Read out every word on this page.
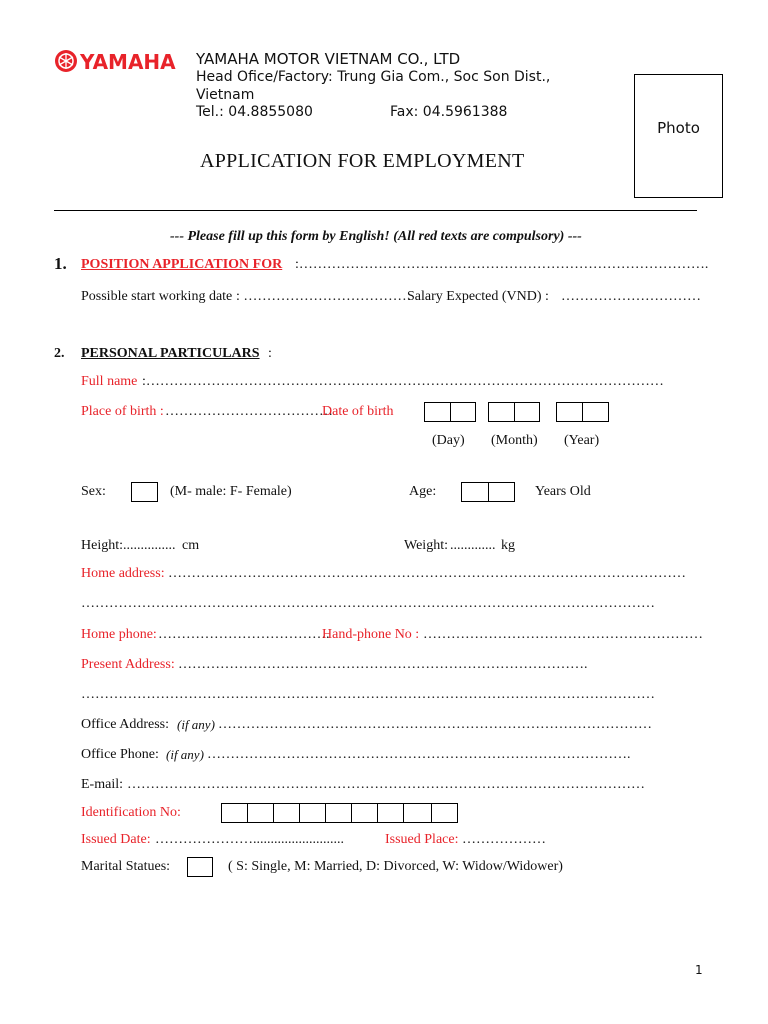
YAMAHA YAMAHA MOTOR VIETNAM CO., LTD
Head Ofice/Factory: Trung Gia Com., Soc Son Dist.,
Vietnam
Tel.: 04.8855080	Fax: 04.5961388
Photo
APPLICATION FOR EMPLOYMENT
--- Please fill up this form by English! (All red texts are compulsory) ---
1. POSITION APPLICATION FOR :…………………………………………………………………………….
Possible start working date : ………………………………
Salary Expected (VND) : …………………………
2. PERSONAL PARTICULARS :
Full name :…………………………………………………………………………………………………
Place of birth : ………………………………
Date of birth
(Day) (Month) (Year)
Sex:	(M- male: F- Female)	Age:	Years Old
Height: ............... cm	Weight: ............. kg
Home address: …………………………………………………………………………………………………
……………………………………………………………………………………………………………
Home phone: ……………………………….
Hand-phone No : ……………………………………………………
Present Address: …………………………………………………………………………….
……………………………………………………………………………………………………………
Office Address: (if any) …………………………………………………………………………………
Office Phone: (if any) ……………………………………………………………………………….
E-mail: …………………………………………………………………………………………………
Identification No:
Issued Date: …………………..........................	Issued Place: ………………
Marital Statues:	( S: Single, M: Married, D: Divorced, W: Widow/Widower)
1
